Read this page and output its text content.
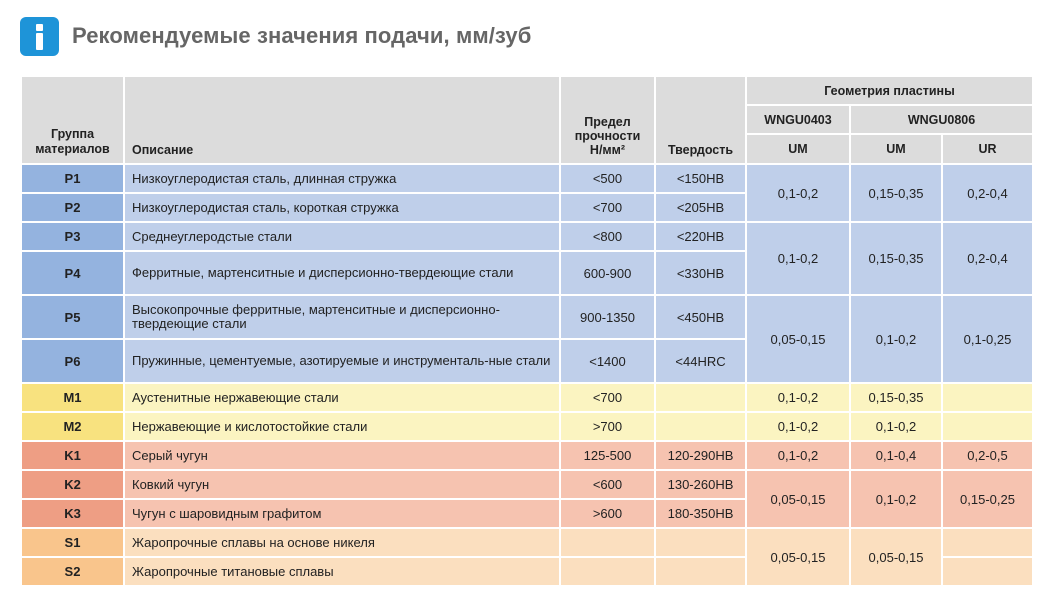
Рекомендуемые значения подачи, мм/зуб
Группа материалов	Описание	Предел прочности Н/мм²	Твердость	Геометрия пластины		
				WNGU0403	WNGU0806	
				UM	UM	UR
P1	Низкоуглеродистая сталь, длинная стружка	<500	<150HB	0,1-0,2	0,15-0,35	0,2-0,4
P2	Низкоуглеродистая сталь, короткая стружка	<700	<205HB			
P3	Среднеуглеродстые стали	<800	<220HB	0,1-0,2	0,15-0,35	0,2-0,4
P4	Ферритные, мартенситные и дисперсионно-твердеющие стали	600-900	<330HB			
P5	Высокопрочные ферритные, мартенситные и дисперсионно-твердеющие стали	900-1350	<450HB	0,05-0,15	0,1-0,2	0,1-0,25
P6	Пружинные, цементуемые, азотируемые и инструменталь-ные стали	<1400	<44HRC			
M1	Аустенитные нержавеющие стали	<700		0,1-0,2	0,15-0,35	
M2	Нержавеющие и кислотостойкие стали	>700		0,1-0,2	0,1-0,2	
K1	Серый чугун	125-500	120-290HB	0,1-0,2	0,1-0,4	0,2-0,5
K2	Ковкий чугун	<600	130-260HB	0,05-0,15	0,1-0,2	0,15-0,25
K3	Чугун с шаровидным графитом	>600	180-350HB			
S1	Жаропрочные сплавы на основе никеля			0,05-0,15	0,05-0,15	
S2	Жаропрочные титановые сплавы					
